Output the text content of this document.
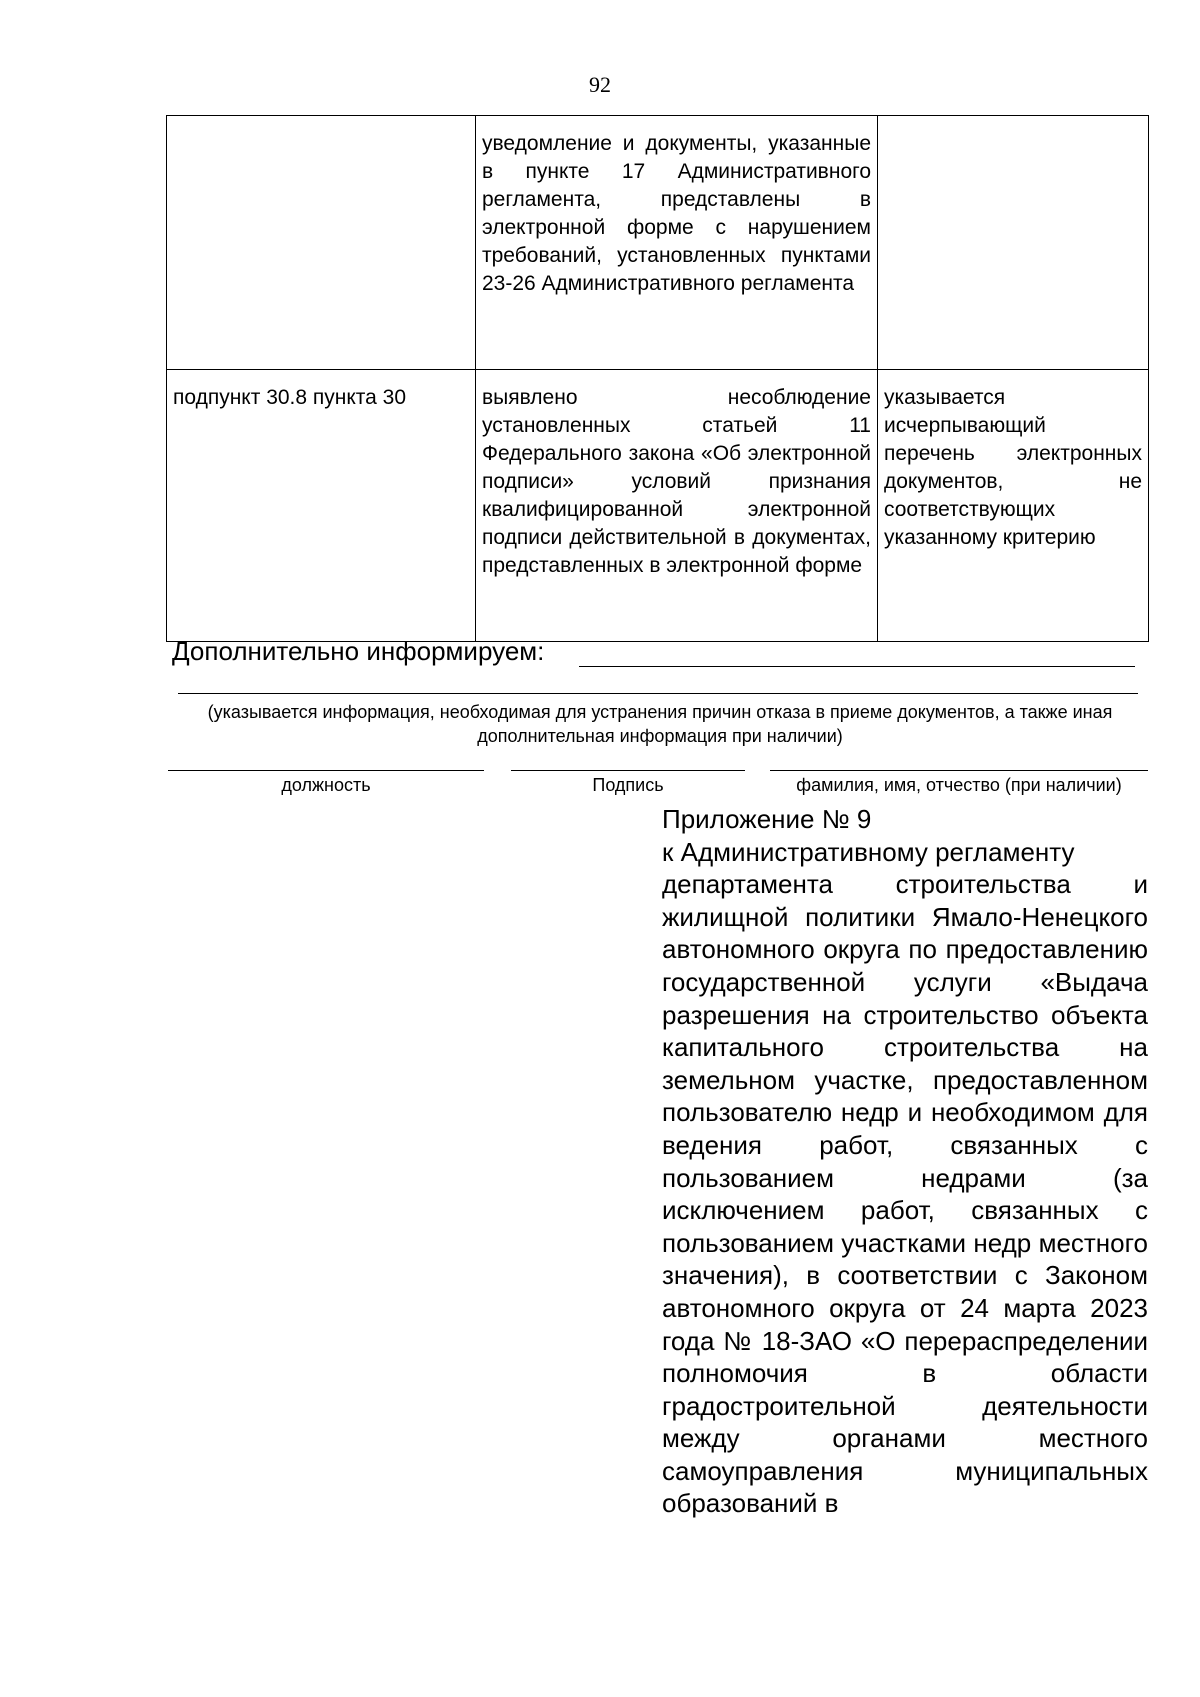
92
	уведомление и документы, указанные в пункте 17 Административного регламента, представлены в электронной форме с нарушением требований, установленных пунктами 23-26 Административного регламента	
подпункт 30.8 пункта 30	выявлено несоблюдение установленных статьей 11 Федерального закона «Об электронной подписи» условий признания квалифицированной электронной подписи действительной в документах, представленных в электронной форме	указывается исчерпывающий перечень электронных документов, не соответствующих указанному критерию
Дополнительно информируем:
(указывается информация, необходимая для устранения причин отказа в приеме документов, а также иная дополнительная информация при наличии)
должность	Подпись	фамилия, имя, отчество (при наличии)
Приложение № 9
к Административному регламенту
департамента строительства и жилищной политики Ямало-Ненецкого автономного округа по предоставлению государственной услуги «Выдача разрешения на строительство объекта капитального строительства на земельном участке, предоставленном пользователю недр и необходимом для ведения работ, связанных с пользованием недрами (за исключением работ, связанных с пользованием участками недр местного значения), в соответствии с Законом автономного округа от 24 марта 2023 года № 18-ЗАО «О перераспределении полномочия в области градостроительной деятельности между органами местного самоуправления муниципальных образований в
